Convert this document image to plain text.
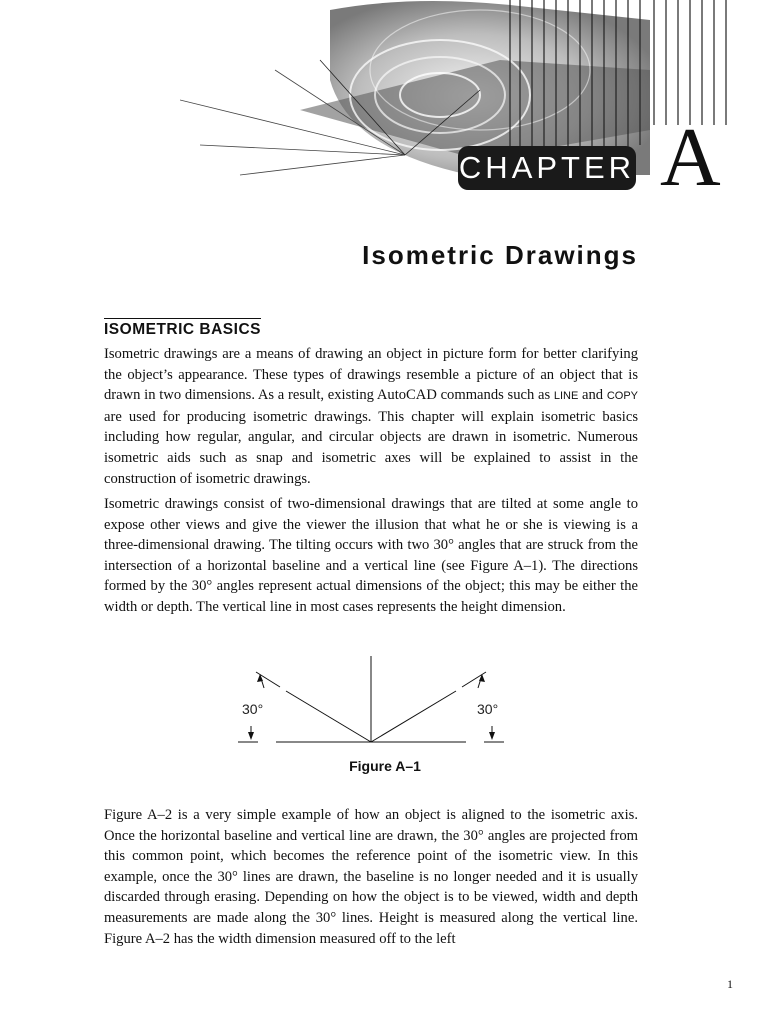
CHAPTER A
Isometric Drawings
ISOMETRIC BASICS

Isometric drawings are a means of drawing an object in picture form for better clarifying the object’s appearance. These types of drawings resemble a picture of an object that is drawn in two dimensions. As a result, existing AutoCAD commands such as LINE and COPY are used for producing isometric drawings. This chapter will explain isometric basics including how regular, angular, and circular objects are drawn in isometric. Numerous isometric aids such as snap and isometric axes will be explained to assist in the construction of isometric drawings.

Isometric drawings consist of two-dimensional drawings that are tilted at some angle to expose other views and give the viewer the illusion that what he or she is viewing is a three-dimensional drawing. The tilting occurs with two 30° angles that are struck from the intersection of a horizontal baseline and a vertical line (see Figure A–1). The directions formed by the 30° angles represent actual dimensions of the object; this may be either the width or depth. The vertical line in most cases represents the height dimension.

30°	30°
Figure A–1

Figure A–2 is a very simple example of how an object is aligned to the isometric axis. Once the horizontal baseline and vertical line are drawn, the 30° angles are projected from this common point, which becomes the reference point of the isometric view. In this example, once the 30° lines are drawn, the baseline is no longer needed and it is usually discarded through erasing. Depending on how the object is to be viewed, width and depth measurements are made along the 30° lines. Height is measured along the vertical line. Figure A–2 has the width dimension measured off to the left

1
